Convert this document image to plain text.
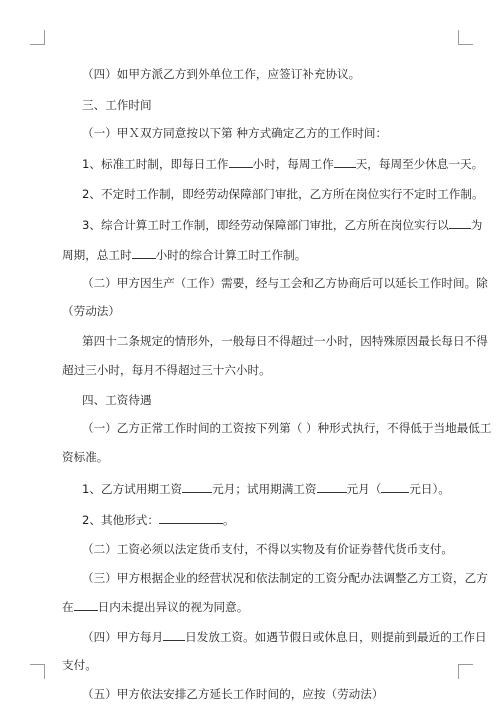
（四）如甲方派乙方到外单位工作，应签订补充协议。
三、工作时间
（一）甲Ｘ双方同意按以下第 种方式确定乙方的工作时间：
1、标准工时制，即每日工作 小时，每周工作 天，每周至少休息一天。
2、不定时工作制，即经劳动保障部门审批，乙方所在岗位实行不定时工作制。
3、综合计算工时工作制，即经劳动保障部门审批，乙方所在岗位实行以 为
周期，总工时 小时的综合计算工时工作制。
（二）甲方因生产（工作）需要，经与工会和乙方协商后可以延长工作时间。除
（劳动法）
第四十二条规定的情形外，一般每日不得超过一小时，因特殊原因最长每日不得
超过三小时，每月不得超过三十六小时。
四、工资待遇
（一）乙方正常工作时间的工资按下列第（ ）种形式执行，不得低于当地最低工
资标准。
1、乙方试用期工资	元月；试用期满工资	元月（ 元日）。
2、其他形式：	。
（二）工资必须以法定货币支付，不得以实物及有价证券替代货币支付。
（三）甲方根据企业的经营状况和依法制定的工资分配办法调整乙方工资，乙方
在 日内未提出异议的视为同意。
（四）甲方每月 日发放工资。如遇节假日或休息日，则提前到最近的工作日
支付。
（五）甲方依法安排乙方延长工作时间的，应按（劳动法）
